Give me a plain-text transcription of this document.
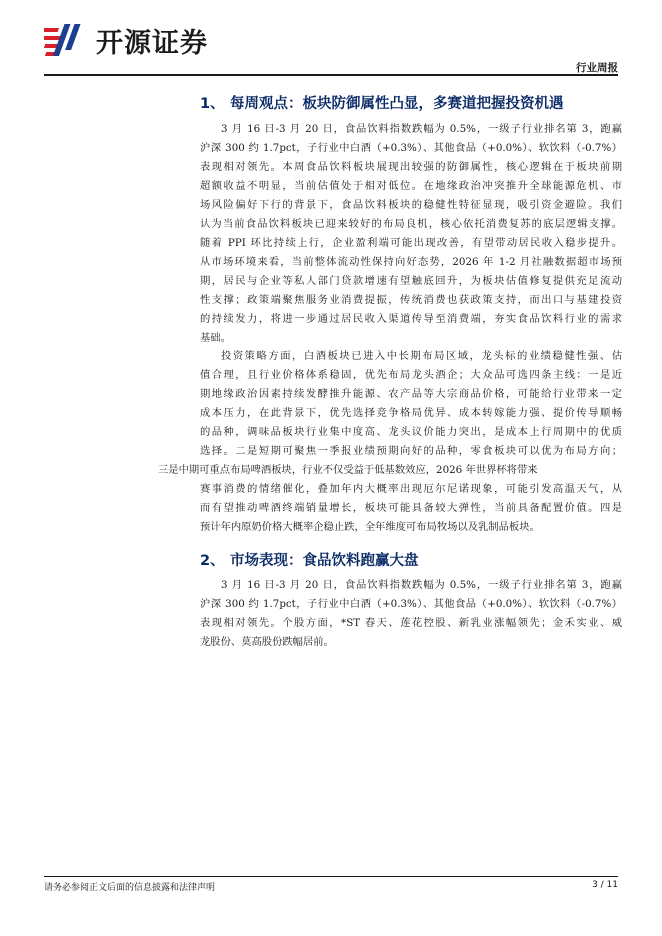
开源证券
行业周报
1、 每周观点：板块防御属性凸显，多赛道把握投资机遇
3 月 16 日-3 月 20 日，食品饮料指数跌幅为 0.5%，一级子行业排名第 3，跑赢
沪深 300 约 1.7pct，子行业中白酒（+0.3%）、其他食品（+0.0%）、软饮料（-0.7%）
表现相对领先。本周食品饮料板块展现出较强的防御属性，核心逻辑在于板块前期
超额收益不明显，当前估值处于相对低位。在地缘政治冲突推升全球能源危机、市
场风险偏好下行的背景下，食品饮料板块的稳健性特征显现，吸引资金避险。我们
认为当前食品饮料板块已迎来较好的布局良机，核心依托消费复苏的底层逻辑支撑。
随着 PPI 环比持续上行，企业盈利端可能出现改善，有望带动居民收入稳步提升。
从市场环境来看，当前整体流动性保持向好态势，2026 年 1-2 月社融数据超市场预
期，居民与企业等私人部门贷款增速有望触底回升，为板块估值修复提供充足流动
性支撑；政策端聚焦服务业消费提振，传统消费也获政策支持，而出口与基建投资
的持续发力，将进一步通过居民收入渠道传导至消费端，夯实食品饮料行业的需求
基础。
投资策略方面，白酒板块已进入中长期布局区域，龙头标的业绩稳健性强、估
值合理，且行业价格体系稳固，优先布局龙头酒企；大众品可选四条主线：一是近
期地缘政治因素持续发酵推升能源、农产品等大宗商品价格，可能给行业带来一定
成本压力，在此背景下，优先选择竞争格局优异、成本转嫁能力强、提价传导顺畅
的品种，调味品板块行业集中度高、龙头议价能力突出，是成本上行周期中的优质
选择。二是短期可聚焦一季报业绩预期向好的品种，零食板块可以优为布局方向；
三是中期可重点布局啤酒板块，行业不仅受益于低基数效应，2026 年世界杯将带来
赛事消费的情绪催化，叠加年内大概率出现厄尔尼诺现象，可能引发高温天气，从
而有望推动啤酒终端销量增长，板块可能具备较大弹性，当前具备配置价值。四是
预计年内原奶价格大概率企稳止跌，全年维度可布局牧场以及乳制品板块。
2、 市场表现：食品饮料跑赢大盘
3 月 16 日-3 月 20 日，食品饮料指数跌幅为 0.5%，一级子行业排名第 3，跑赢
沪深 300 约 1.7pct，子行业中白酒（+0.3%）、其他食品（+0.0%）、软饮料（-0.7%）
表现相对领先。个股方面，*ST 春天、莲花控股、新乳业涨幅领先；金禾实业、威
龙股份、莫高股份跌幅居前。
请务必参阅正文后面的信息披露和法律声明	3 / 11
